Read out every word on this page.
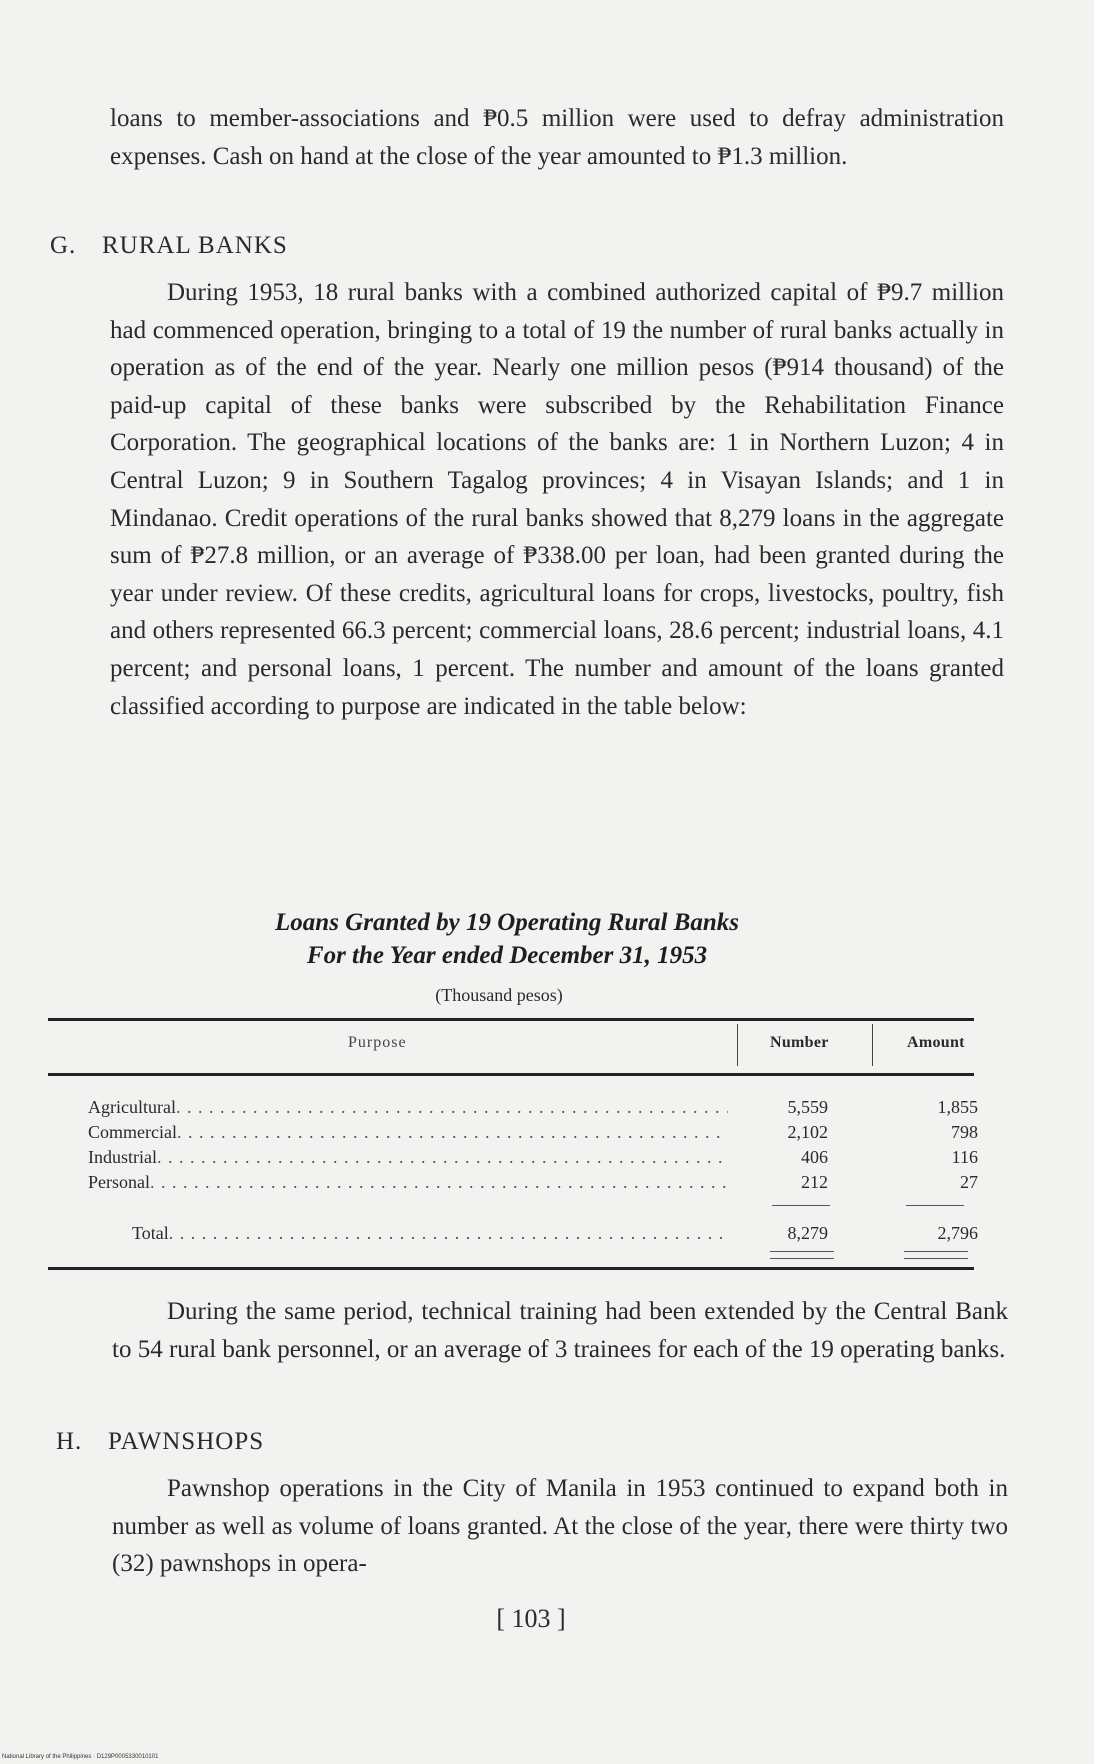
loans to member-associations and ₱0.5 million were used to defray administration expenses. Cash on hand at the close of the year amounted to ₱1.3 million.

G. RURAL BANKS

During 1953, 18 rural banks with a combined authorized capital of ₱9.7 million had commenced operation, bringing to a total of 19 the number of rural banks actually in operation as of the end of the year. Nearly one million pesos (₱914 thousand) of the paid-up capital of these banks were subscribed by the Rehabilitation Finance Corporation. The geographical locations of the banks are: 1 in Northern Luzon; 4 in Central Luzon; 9 in Southern Tagalog provinces; 4 in Visayan Islands; and 1 in Mindanao. Credit operations of the rural banks showed that 8,279 loans in the aggregate sum of ₱27.8 million, or an average of ₱338.00 per loan, had been granted during the year under review. Of these credits, agricultural loans for crops, livestocks, poultry, fish and others represented 66.3 percent; commercial loans, 28.6 percent; industrial loans, 4.1 percent; and personal loans, 1 percent. The number and amount of the loans granted classified according to purpose are indicated in the table below:

Loans Granted by 19 Operating Rural Banks
For the Year ended December 31, 1953
(Thousand pesos)
Purpose	Number	Amount
Agricultural . . .	5,559	1,855
Commercial . . .	2,102	798
Industrial . . .	406	116
Personal . . .	212	27
Total . . .	8,279	2,796

During the same period, technical training had been extended by the Central Bank to 54 rural bank personnel, or an average of 3 trainees for each of the 19 operating banks.

H. PAWNSHOPS

Pawnshop operations in the City of Manila in 1953 continued to expand both in number as well as volume of loans granted. At the close of the year, there were thirty two (32) pawnshops in opera-

[ 103 ]
National Library of the Philippines · D129P0005330010101
